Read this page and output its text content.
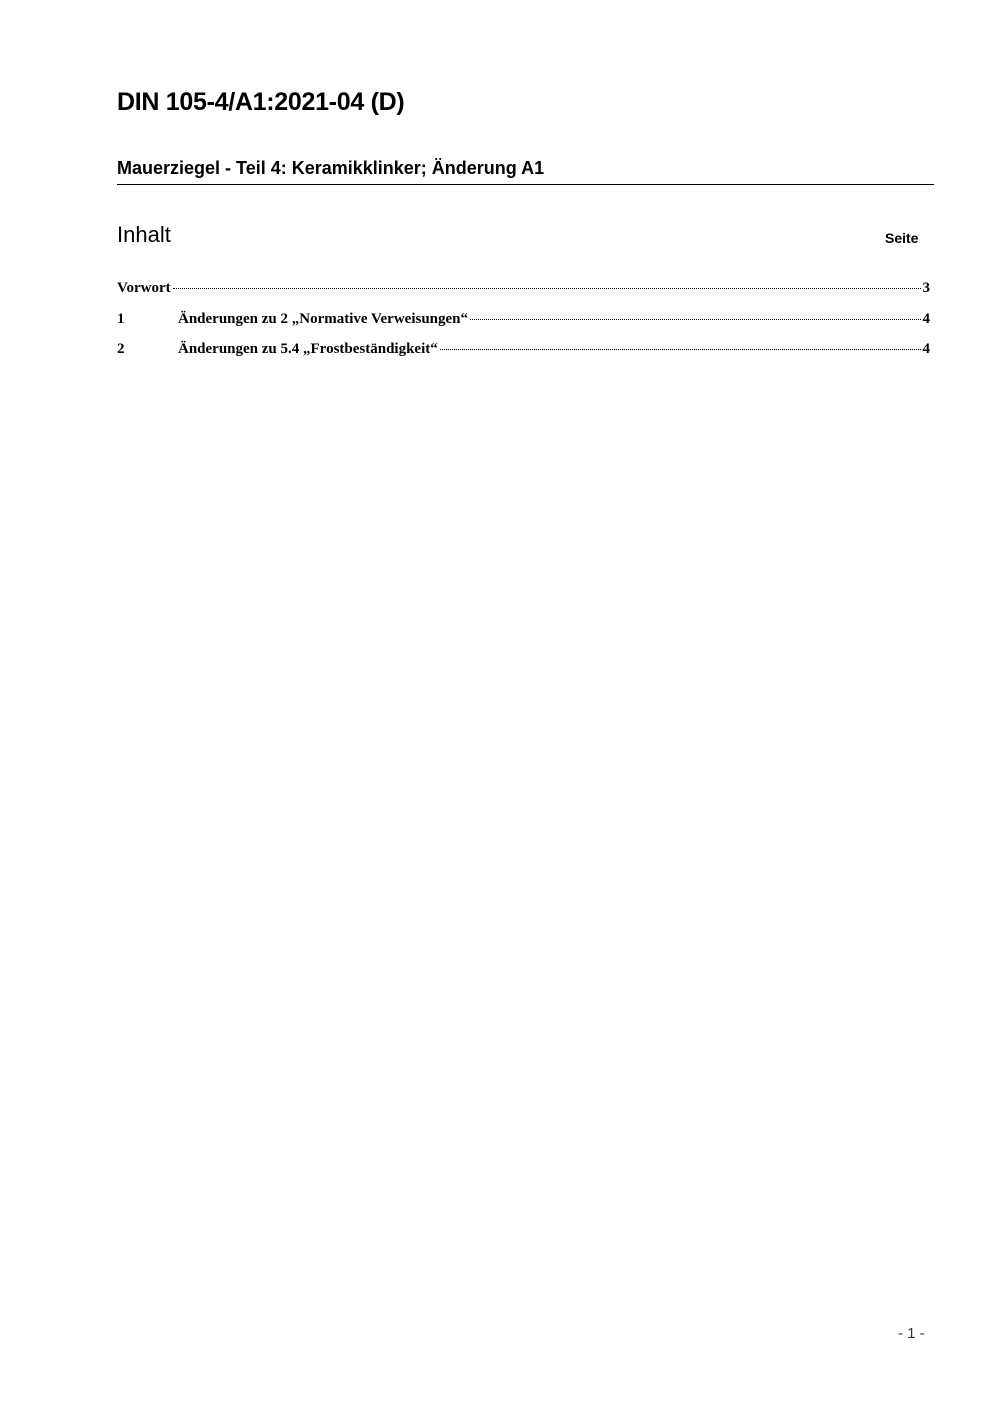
DIN 105-4/A1:2021-04 (D)
Mauerziegel - Teil 4: Keramikklinker; Änderung A1
Inhalt	Seite
Vorwort	3
1	Änderungen zu 2 „Normative Verweisungen“	4
2	Änderungen zu 5.4 „Frostbeständigkeit“	4
- 1 -
